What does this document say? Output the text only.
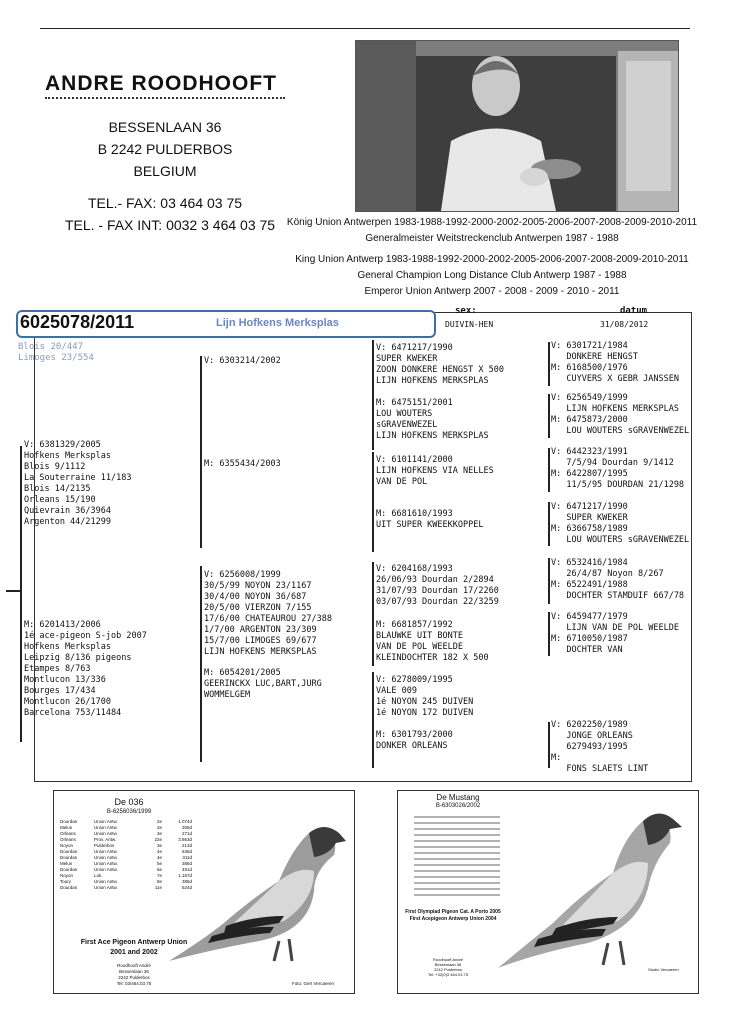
ANDRE ROODHOOFT
BESSENLAAN 36
B 2242 PULDERBOS
BELGIUM
TEL.- FAX: 03 464 03 75
TEL. - FAX INT: 0032 3 464 03 75	König Union Antwerpen 1983-1988-1992-2000-2002-2005-2006-2007-2008-2009-2010-2011
Generalmeister Weitstreckenclub Antwerpen 1987 - 1988
King Union Antwerp 1983-1988-1992-2000-2002-2005-2006-2007-2008-2009-2010-2011
General Champion Long Distance Club Antwerp 1987 - 1988
Emperor Union Antwerp 2007 - 2008 - 2009 - 2010 - 2011
6025078/2011	Lijn Hofkens Merksplas
sex:
DUIVIN-HEN
datum
31/08/2012
Blois 20/447
Limoges 23/554
V: 6381329/2005
Hofkens Merksplas
Blois 9/1112
La Souterraine 11/183
Blois 14/2135
Orleans 15/190
Quievrain 36/3964
Argenton 44/21299
M: 6201413/2006
1é ace-pigeon S-job 2007
Hofkens Merksplas
Leipzig 8/136 pigeons
Etampes 8/763
Montlucon 13/336
Bourges 17/434
Montlucon 26/1700
Barcelona 753/11484
V: 6303214/2002
M: 6355434/2003
V: 6256008/1999
30/5/99 NOYON 23/1167
30/4/00 NOYON 36/687
20/5/00 VIERZON 7/155
17/6/00 CHATEAUROU 27/388
1/7/00 ARGENTON 23/309
15/7/00 LIMOGES 69/677
LIJN HOFKENS MERKSPLAS
M: 6054201/2005
GEERINCKX LUC,BART,JURG
WOMMELGEM
V: 6471217/1990
SUPER KWEKER
ZOON DONKERE HENGST X 500
LIJN HOFKENS MERKSPLAS
M: 6475151/2001
LOU WOUTERS
sGRAVENWEZEL
LIJN HOFKENS MERKSPLAS
V: 6101141/2000
LIJN HOFKENS VIA NELLES
VAN DE POL
M: 6681610/1993
UIT SUPER KWEEKKOPPEL
V: 6204168/1993
26/06/93 Dourdan 2/2894
31/07/93 Dourdan 17/2260
03/07/93 Dourdan 22/3259
M: 6681857/1992
BLAUWKE UIT BONTE
VAN DE POL WEELDE
KLEINDOCHTER 182 X 500
V: 6278009/1995
VALE 009
1é NOYON 245 DUIVEN
1é NOYON 172 DUIVEN
M: 6301793/2000
DONKER ORLEANS
V: 6301721/1984
DONKERE HENGST
M: 6168500/1976
CUYVERS X GEBR JANSSEN
V: 6256549/1999
LIJN HOFKENS MERKSPLAS
M: 6475873/2000
LOU WOUTERS sGRAVENWEZEL
V: 6442323/1991
7/5/94 Dourdan 9/1412
M: 6422807/1995
11/5/95 DOURDAN 21/1298
V: 6471217/1990
SUPER KWEKER
M: 6366758/1989
LOU WOUTERS sGRAVENWEZEL
V: 6532416/1984
26/4/87 Noyon 8/267
M: 6522491/1988
DOCHTER STAMDUIF 667/78
V: 6459477/1979
LIJN VAN DE POL WEELDE
M: 6710050/1987
DOCHTER VAN
V: 6202250/1989
JONGE ORLEANS
6279493/1995
M:
FONS SLAETS LINT
De 036
B-6256036/1999
Dourdan	Union Antw.	2e	1.074d
Melun	Union Antw.	2e	306d
Orleans	Union Antw.	3e	271d
Orleans	Prov. Antw.	22e	3.863d
Noyon	Pulderbos	3e	213d
Dourdan	Union Antw.	4e	636d
Dourdan	Union Antw.	4e	311d
Melun	Union Antw.	5e	386d
Dourdan	Union Antw.	6e	491d
Noyon	Lok.	7e	1.167d
Toury	Union Antw.	8e	385d
Dourdan	Union Antw.	11e	524d
First Ace Pigeon Antwerp Union
2001 and 2002
Roodhooft André
Bessenlaan 36
2242 Pulderbos
Tel: 03/464.03.75	Foto: Gert Vercaeren
De Mustang
B-6303026/2002
First Olympiad Pigeon Cat. A Porto 2005
First Acepigeon Antwerp Union 2004
Roodhooft André
Bessenlaan 36
2242 Pulderbos
Tel: +32(0)3 464.03.75
Studio Vercaeren
